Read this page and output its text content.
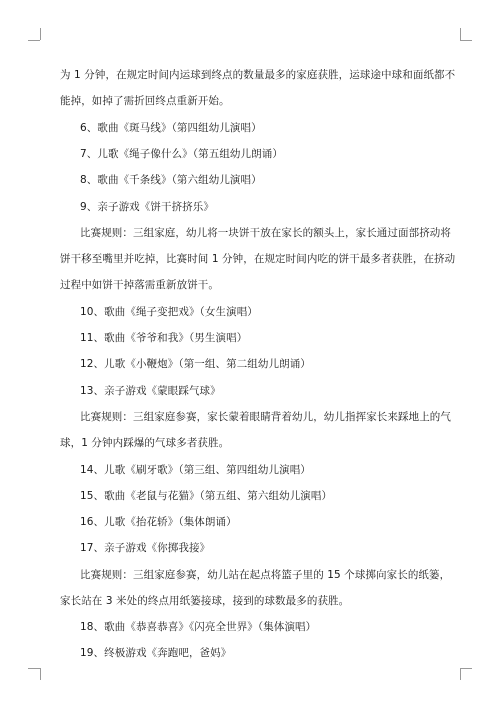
为 1 分钟，在规定时间内运球到终点的数量最多的家庭获胜，运球途中球和面纸都不
能掉，如掉了需折回终点重新开始。
6、歌曲《斑马线》（第四组幼儿演唱）
7、儿歌《绳子像什么》（第五组幼儿朗诵）
8、歌曲《千条线》（第六组幼儿演唱）
9、亲子游戏《饼干挤挤乐》
比赛规则：三组家庭，幼儿将一块饼干放在家长的额头上，家长通过面部挤动将
饼干移至嘴里并吃掉，比赛时间 1 分钟，在规定时间内吃的饼干最多者获胜，在挤动
过程中如饼干掉落需重新放饼干。
10、歌曲《绳子变把戏》（女生演唱）
11、歌曲《爷爷和我》（男生演唱）
12、儿歌《小鞭炮》（第一组、第二组幼儿朗诵）
13、亲子游戏《蒙眼踩气球》
比赛规则：三组家庭参赛，家长蒙着眼睛背着幼儿，幼儿指挥家长来踩地上的气
球，1 分钟内踩爆的气球多者获胜。
14、儿歌《刷牙歌》（第三组、第四组幼儿演唱）
15、歌曲《老鼠与花猫》（第五组、第六组幼儿演唱）
16、儿歌《抬花轿》（集体朗诵）
17、亲子游戏《你掷我接》
比赛规则：三组家庭参赛，幼儿站在起点将篮子里的 15 个球掷向家长的纸篓，
家长站在 3 米处的终点用纸篓接球，接到的球数最多的获胜。
18、歌曲《恭喜恭喜》《闪亮全世界》（集体演唱）
19、终极游戏《奔跑吧，爸妈》
